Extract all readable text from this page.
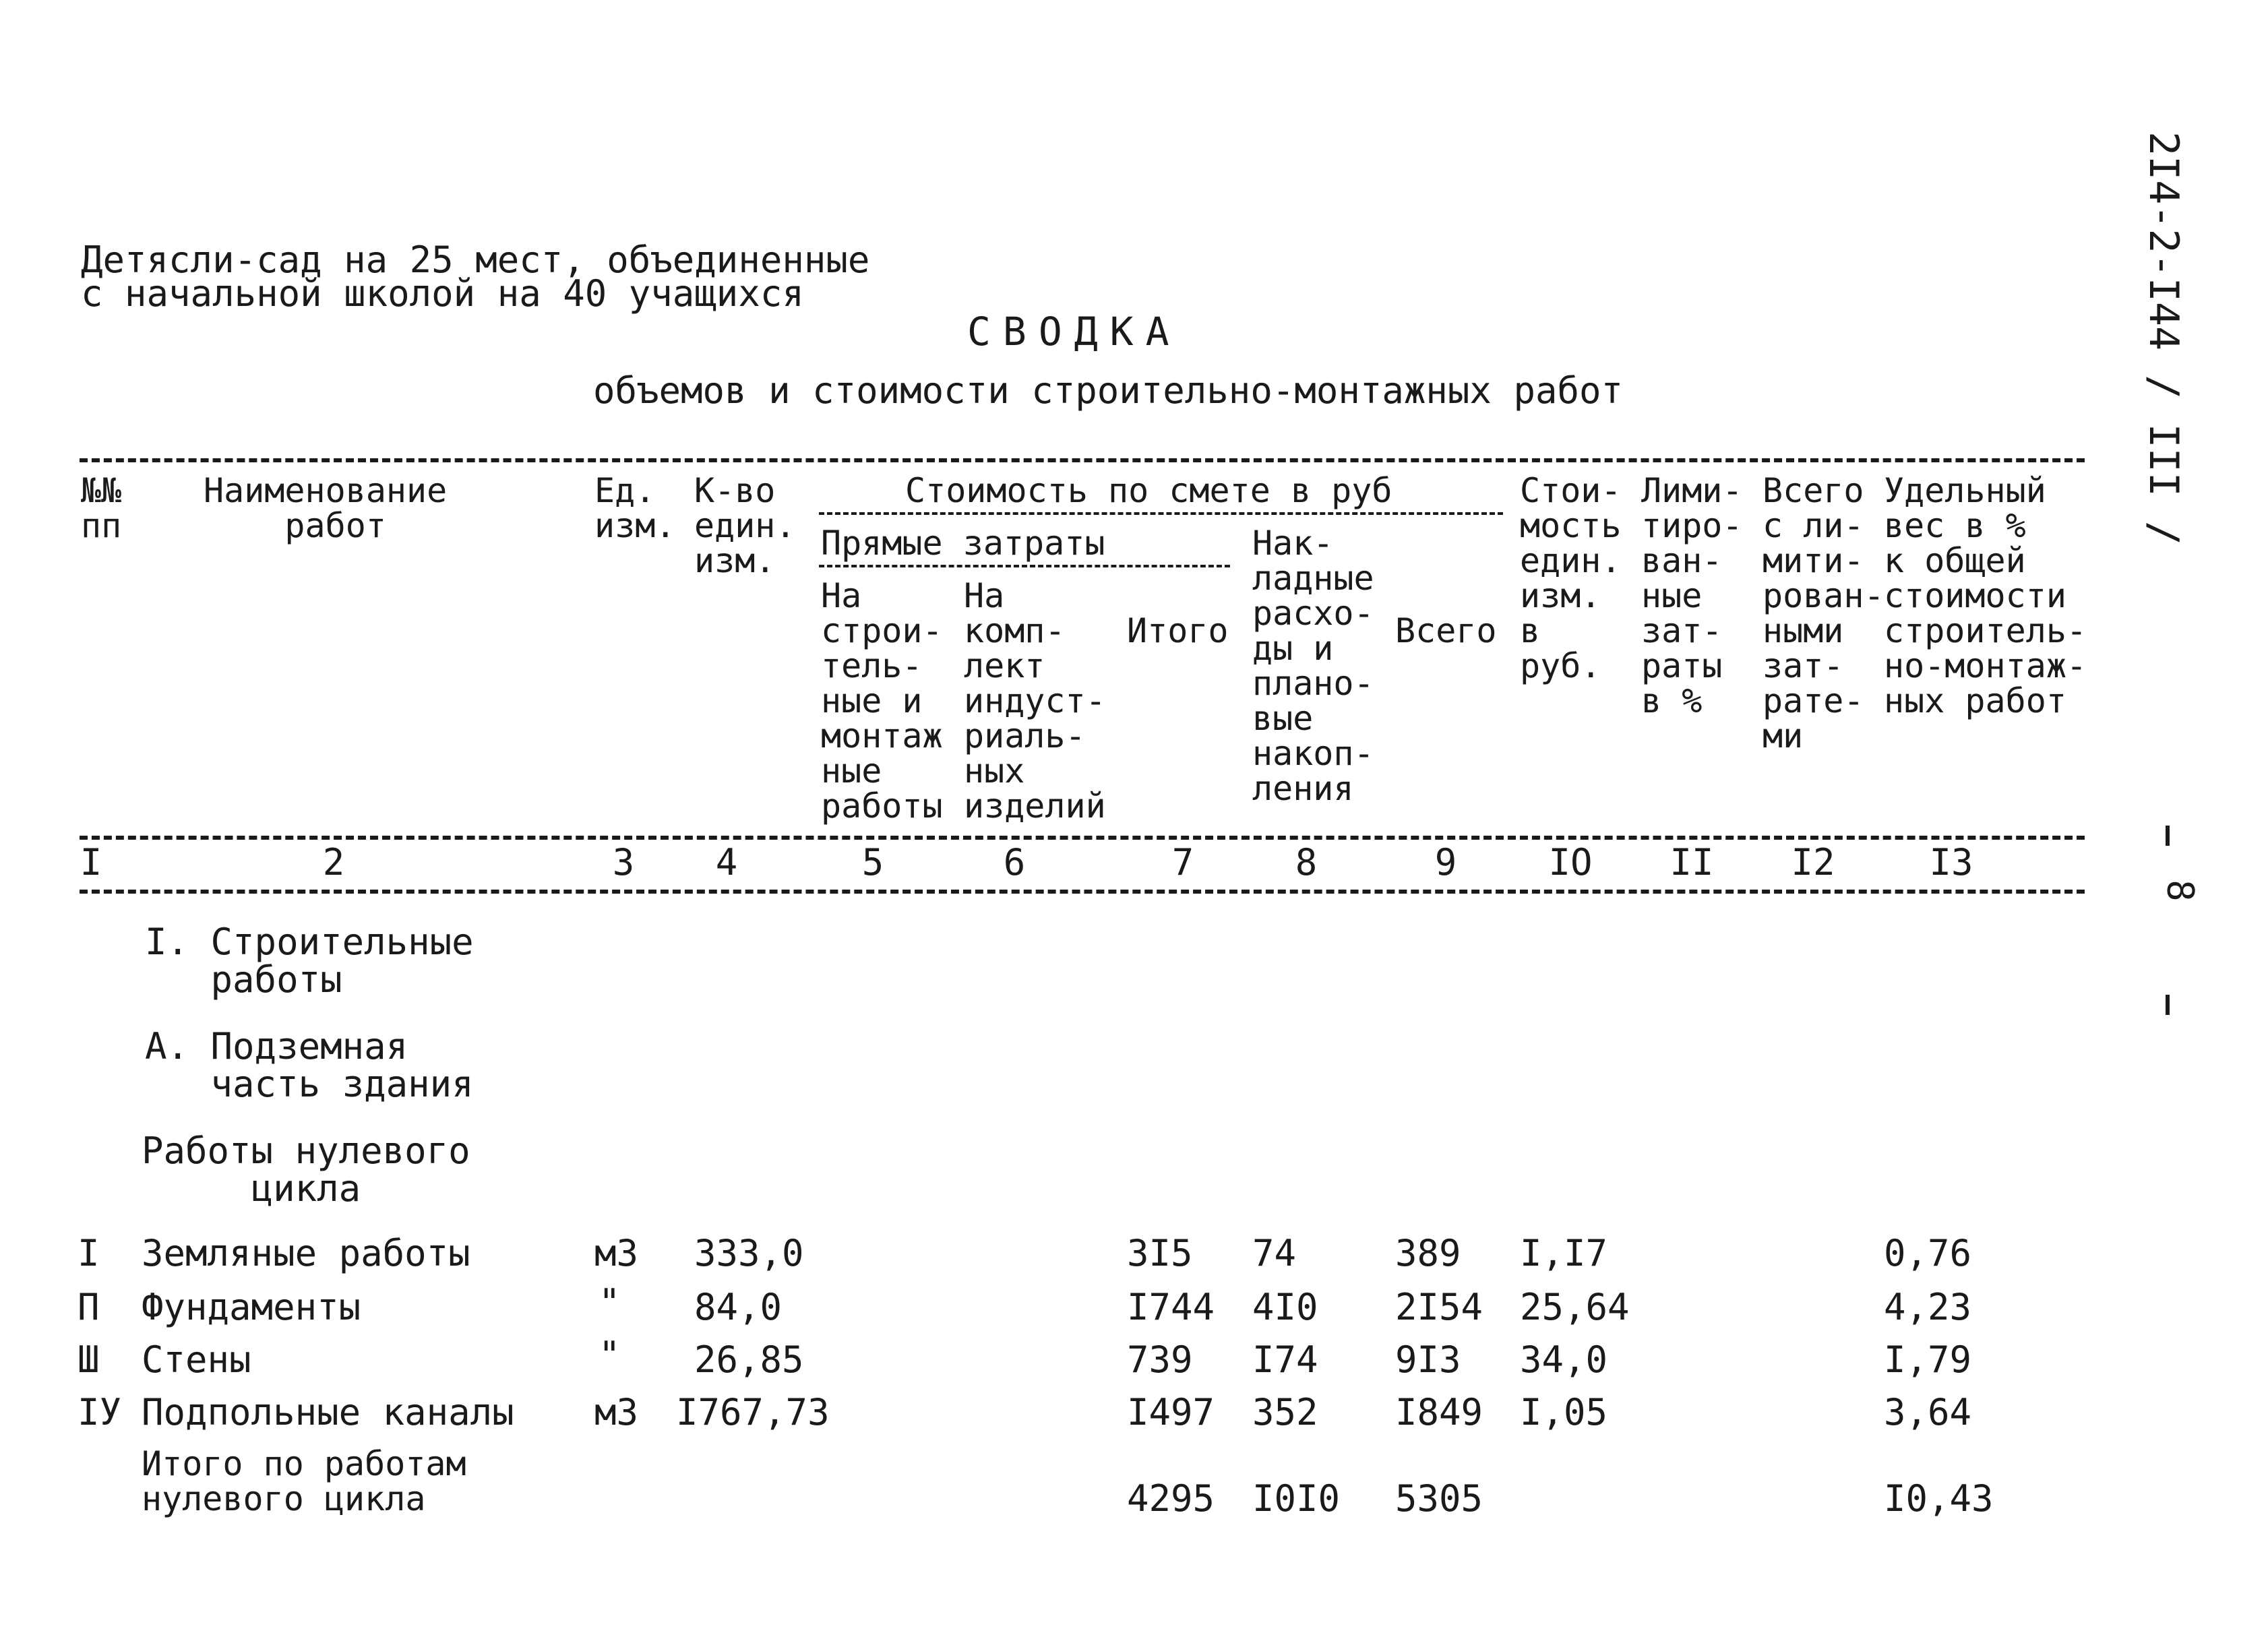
2I4-2-I44 / III /
8
Детясли-сад на 25 мест, объединенные
с начальной школой на 40 учащихся
СВОДКА
объемов и стоимости строительно-монтажных работ
№№
пп
Наименование
работ
Ед.
изм.
К-во
един.
изм.
Стоимость по смете в руб
Прямые затраты
На
строи-
тель-
ные и
монтаж
ные
работы
На
комп-
лект
индуст-
риаль-
ных
изделий
Итого
Нак-
ладные
расхо-
ды и
плано-
вые
накоп-
ления
Всего
Стои-
мость
един.
изм.
в
руб.
Лими-
тиро-
ван-
ные
зат-
раты
в %
Всего
с ли-
мити-
рован-
ными
зат-
рате-
ми
Удельный
вес в %
к общей
стоимости
строитель-
но-монтаж-
ных работ
I	2	3 4	5	6	7	8	9	IO II I2	I3
I. Строительные
работы
А. Подземная
часть здания
Работы нулевого
цикла
I Земляные работы	м3 333,0	3I5 74	389 I,I7	0,76
П Фундаменты	" 84,0	I744 4I0 2I54 25,64	4,23
Ш Стены	" 26,85	739 I74 9I3 34,0	I,79
IУ Подпольные каналы м3 I767,73	I497 352 I849 I,05	3,64
Итого по работам
нулевого цикла	4295 I0I0 5305	I0,43
